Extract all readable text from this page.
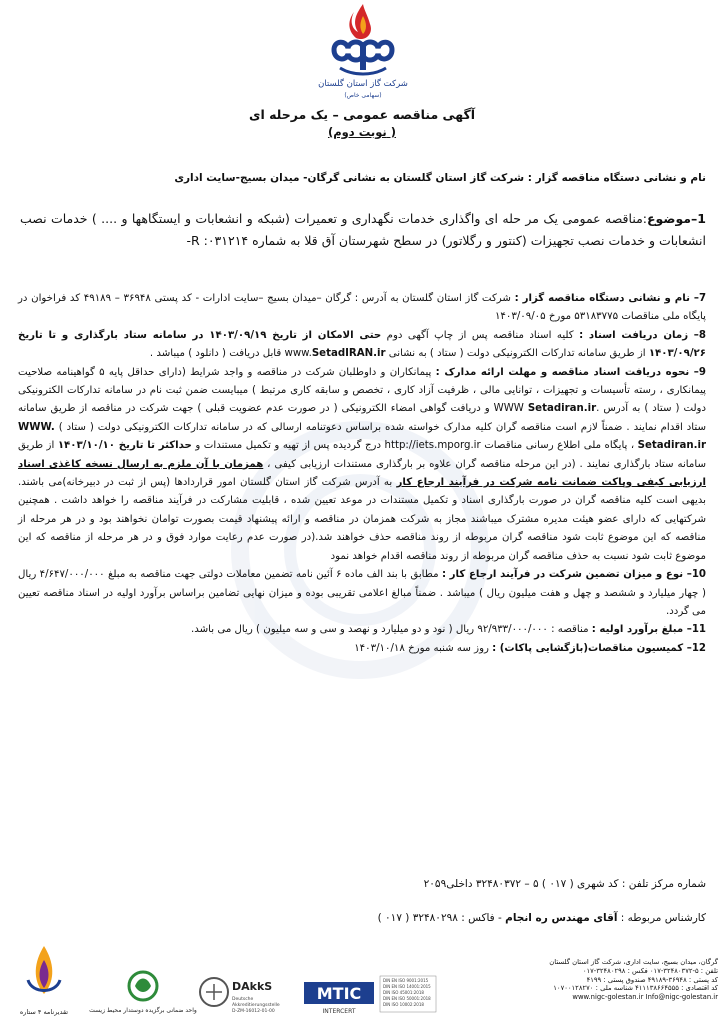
شرکت گاز استان گلستان
(سهامی خاص)
آگهی مناقصه عمومی – یک مرحله ای
(نوبت دوم )
نام و نشانی دستگاه مناقصه گزار : شرکت گاز استان گلستان به نشانی گرگان- میدان بسیج-سایت اداری
1–موضوع:مناقصه عمومی یک مر حله ای واگذاری خدمات نگهداری و تعمیرات (شبکه و انشعابات و ایستگاهها و .... ) خدمات نصب انشعابات و خدمات نصب تجهیزات (کنتور و رگلاتور) در سطح شهرستان آق قلا به شماره ۰۳۱۲۱۴: R-

7– نام و نشانی دستگاه مناقصه گزار : شرکت گاز استان گلستان به آدرس : گرگان –میدان بسیج –سایت ادارات - کد پستی ۳۶۹۴۸ – ۴۹۱۸۹ کد فراخوان در پایگاه ملی مناقصات ۵۳۱۸۳۷۷۵ مورخ ۱۴۰۳/۰۹/۰۵

8– زمان دریافت اسناد : کلیه اسناد مناقصه پس از چاپ آگهی دوم حتی الامکان از تاریخ ۱۴۰۳/۰۹/۱۹ در سامانه ستاد بارگذاری و تا تاریخ ۱۴۰۳/۰۹/۲۶ از طریق سامانه تدارکات الکترونیکی دولت ( ستاد ) به نشانی www.SetadIRAN.ir قابل دریافت ( دانلود ) میباشد .

9– نحوه دریافت اسناد مناقصه و مهلت ارائه مدارک : پیمانکاران و داوطلبان شرکت در مناقصه و واجد شرایط (دارای حداقل پایه ۵ گواهینامه صلاحیت پیمانکاری ، رسته تأسیسات و تجهیزات ، توانایی مالی ، ظرفیت آزاد کاری ، تخصص و سابقه کاری مرتبط ) میبایست ضمن ثبت نام در سامانه تدارکات الکترونیکی دولت ( ستاد ) به آدرس .WWW Setadiran.ir و دریافت گواهی امضاء الکترونیکی ( در صورت عدم عضویت قبلی ) جهت شرکت در مناقصه از طریق سامانه ستاد اقدام نمایند . ضمناً لازم است مناقصه گران کلیه مدارک خواسته شده براساس دعوتنامه ارسالی که در سامانه تدارکات الکترونیکی دولت ( ستاد ) WWW. Setadiran.ir ، پایگاه ملی اطلاع رسانی مناقصات http://iets.mporg.ir درج گردیده پس از تهیه و تکمیل مستندات و حداکثر تا تاریخ ۱۴۰۳/۱۰/۱۰ از طریق سامانه ستاد بارگذاری نمایند . (در این مرحله مناقصه گران علاوه بر بارگذاری مستندات ارزیابی کیفی ، همزمان با آن ملزم به ارسال نسخه کاغذی اسناد ارزیابی کیفی وپاکت ضمانت نامه شرکت در فرآیند ارجاع کار به آدرس شرکت گاز استان گلستان امور قراردادها (پس از ثبت در دبیرخانه)می باشند. بدیهی است کلیه مناقصه گران در صورت بارگذاری اسناد و تکمیل مستندات در موعد تعیین شده ، قابلیت مشارکت در فرآیند مناقصه را خواهد داشت . همچنین شرکتهایی که دارای عضو هیئت مدیره مشترک میباشند مجاز به شرکت همزمان در مناقصه و ارائه پیشنهاد قیمت بصورت توامان نخواهند بود و در هر مرحله از مناقصه که این موضوع ثابت شود مناقصه گران مربوطه از روند مناقصه حذف خواهند شد.(در صورت عدم رعایت موارد فوق و در هر مرحله از مناقصه که این موضوع ثابت شود نسبت به حذف مناقصه گران مربوطه از روند مناقصه اقدام خواهد نمود

10– نوع و میزان تضمین شرکت در فرآیند ارجاع کار : مطابق با بند الف ماده ۶ آئین نامه تضمین معاملات دولتی جهت مناقصه به مبلغ ۴/۶۴۷/۰۰۰/۰۰۰ ریال ( چهار میلیارد و ششصد و چهل و هفت میلیون ریال ) میباشد . ضمناً مبالغ اعلامی تقریبی بوده و میزان نهایی تضامین براساس برآورد اولیه در اسناد مناقصه تعیین می گردد.

11– مبلغ برآورد اولیه : مناقصه : ۹۲/۹۳۳/۰۰۰/۰۰۰ ریال ( نود و دو میلیارد و نهصد و سی و سه میلیون ) ریال می باشد.

12– کمیسیون مناقصات(بازگشایی پاکات) : روز سه شنبه مورخ ۱۴۰۳/۱۰/۱۸

شماره مرکز تلفن : کد شهری ( ۰۱۷ ) ۵ – ۳۲۴۸۰۳۷۲ داخلی۲۰۵۹
کارشناس مربوطه : آقای مهندس ره انجام - فاکس : ۳۲۴۸۰۲۹۸ ( ۰۱۷ )
گرگان، میدان بسیج، سایت اداری، شرکت گاز استان گلستان
تلفن : ۵-۳۲۴۸۰۳۷۲-۰۱۷ فکس : ۳۲۴۸۰۲۹۸-۰۱۷
کد پستی : ۳۶۹۴۸-۴۹۱۸۹ صندوق پستی : ۴۱۹۹
کد اقتصادی : ۴۱۱۱۳۸۶۶۴۵۵۵ شناسه ملی : ۱۰۷۰۰۱۲۸۲۷۰
www.nigc-golestan.ir Info@nigc-golestan.ir
MTIC
INTERCERT
DIN EN ISO 9001:2015
DIN EN ISO 14001:2015
DIN ISO 45001:2018
DIN EN ISO 50001:2018
DIN ISO 10002:2018
DAkkS
Deutsche
Akkreditierungsstelle
D-ZM-16012-01-00
واحد ضمانی برگزیده دوستدار محیط زیست
تقدیرنامه ۴ ستاره
